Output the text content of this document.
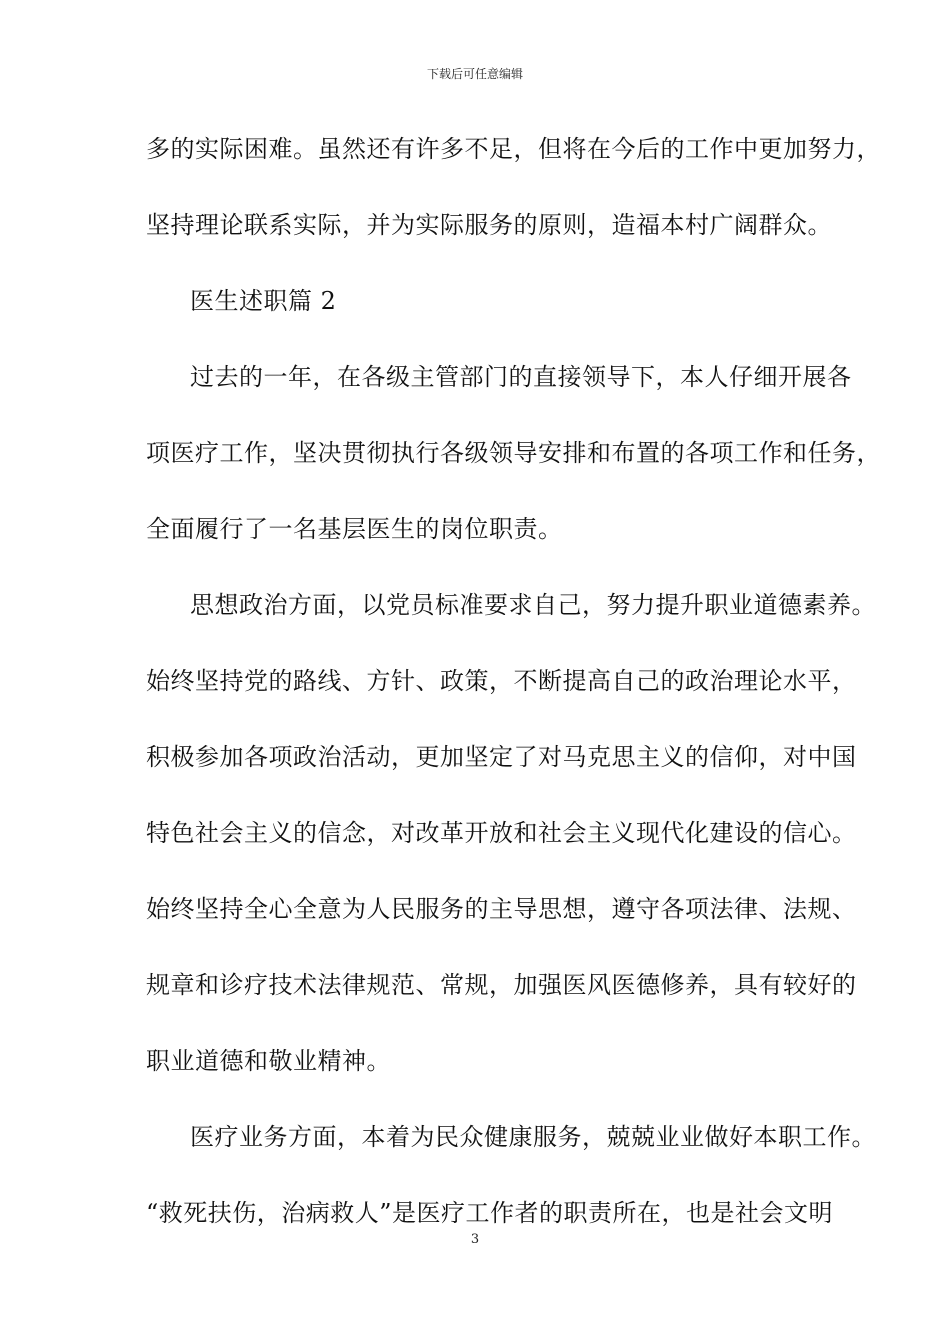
下载后可任意编辑
多的实际困难。虽然还有许多不足，但将在今后的工作中更加努力，
坚持理论联系实际，并为实际服务的原则，造福本村广阔群众。
医生述职篇 2
过去的一年，在各级主管部门的直接领导下，本人仔细开展各
项医疗工作，坚决贯彻执行各级领导安排和布置的各项工作和任务，
全面履行了一名基层医生的岗位职责。
思想政治方面，以党员标准要求自己，努力提升职业道德素养。
始终坚持党的路线、方针、政策，不断提高自己的政治理论水平，
积极参加各项政治活动，更加坚定了对马克思主义的信仰，对中国
特色社会主义的信念，对改革开放和社会主义现代化建设的信心。
始终坚持全心全意为人民服务的主导思想，遵守各项法律、法规、
规章和诊疗技术法律规范、常规，加强医风医德修养，具有较好的
职业道德和敬业精神。
医疗业务方面，本着为民众健康服务，兢兢业业做好本职工作。
“救死扶伤，治病救人”是医疗工作者的职责所在，也是社会文明
3
